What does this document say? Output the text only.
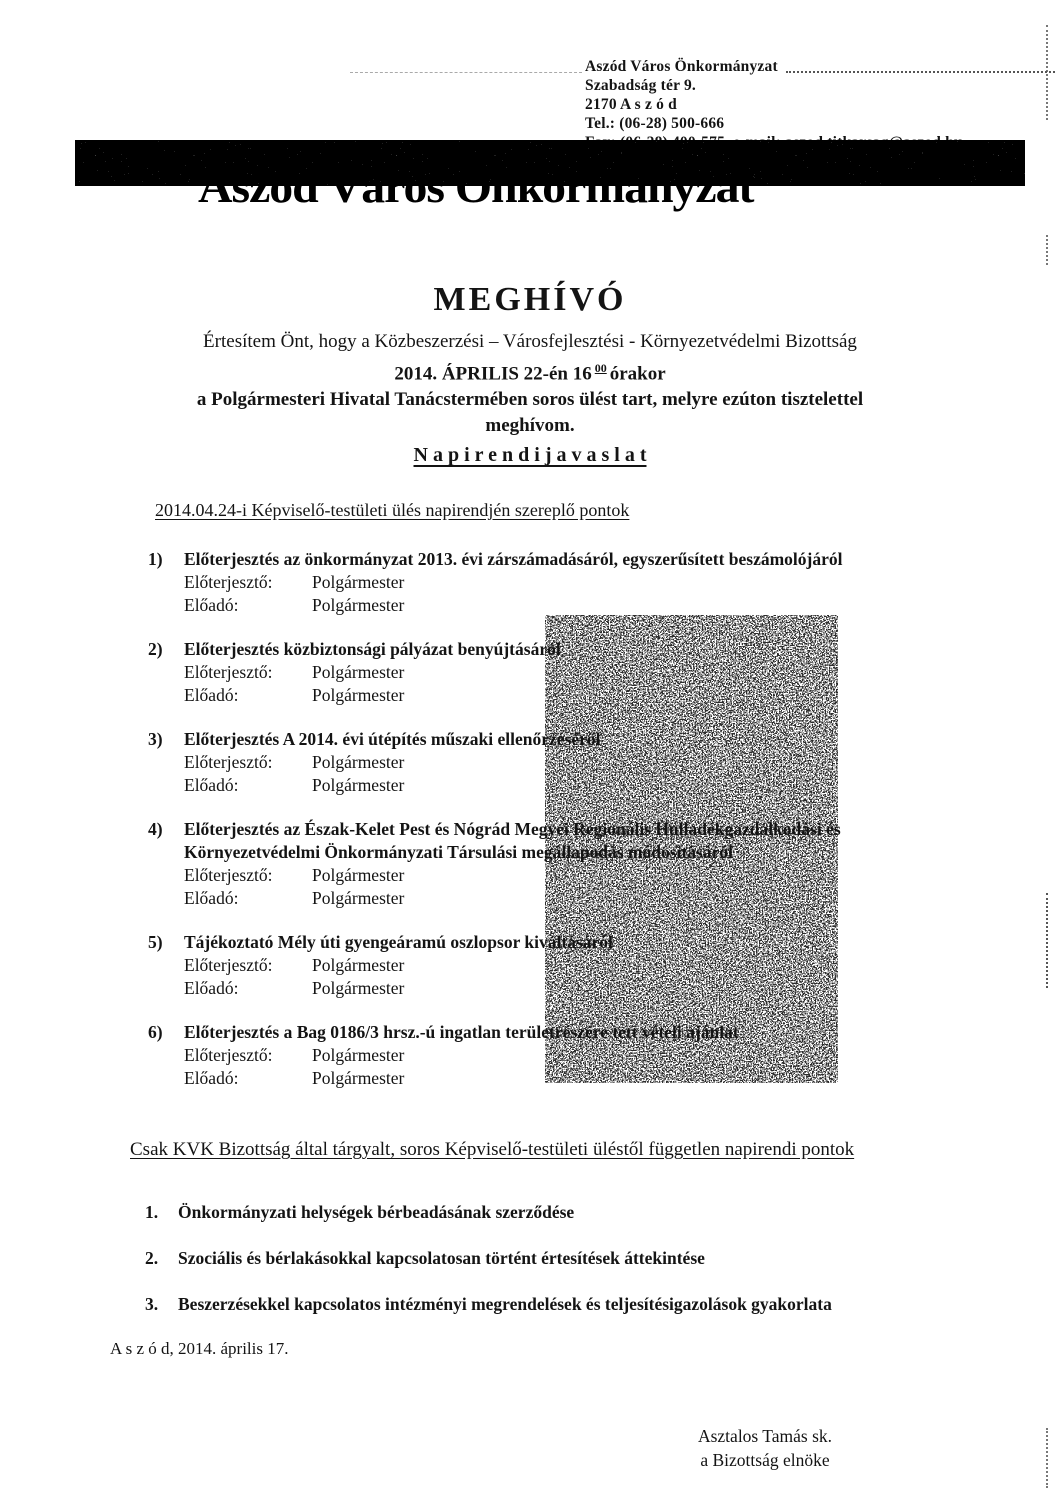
Aszód Város Önkormányzat
Szabadság tér 9.
2170 A s z ó d
Tel.: (06-28) 500-666
Aszód Város Önkormányzat
MEGHÍVÓ

Értesítem Önt, hogy a Közbeszerzési – Városfejlesztési - Környezetvédelmi Bizottság

2014. ÁPRILIS 22-én 16 $^{00}$ órakor

a Polgármesteri Hivatal Tanácstermében soros ülést tart, melyre ezúton tisztelettel

meghívom.

N a p i r e n d i j a v a s l a t
2014.04.24-i Képviselő-testületi ülés napirendjén szereplő pontok
1)	Előterjesztés az önkormányzat 2013. évi zárszámadásáról, egyszerűsített beszámolójáról
Előterjesztő:	Polgármester
Előadó:	Polgármester
2)	Előterjesztés közbiztonsági pályázat benyújtásáról
Előterjesztő:	Polgármester
Előadó:	Polgármester
3)	Előterjesztés A 2014. évi útépítés műszaki ellenőrzéséről
Előterjesztő:	Polgármester
Előadó:	Polgármester
4)	Előterjesztés az Észak-Kelet Pest és Nógrád Megyei Regionális Hulladékgazdálkodási és Környezetvédelmi Önkormányzati Társulási megállapodás módosításáról
Előterjesztő:	Polgármester
Előadó:	Polgármester
5)	Tájékoztató Mély úti gyengeáramú oszlopsor kiváltásáról
Előterjesztő:	Polgármester
Előadó:	Polgármester
6)	Előterjesztés a Bag 0186/3 hrsz.-ú ingatlan területrészére tett vételi ajánlat
Előterjesztő:	Polgármester
Előadó:	Polgármester
Csak KVK Bizottság által tárgyalt, soros Képviselő-testületi üléstől független napirendi pontok
1.	Önkormányzati helységek bérbeadásának szerződése
2.	Szociális és bérlakásokkal kapcsolatosan történt értesítések áttekintése
3.	Beszerzésekkel kapcsolatos intézményi megrendelések és teljesítésigazolások gyakorlata
A s z ó d, 2014. április 17.
Asztalos Tamás sk.
a Bizottság elnöke
